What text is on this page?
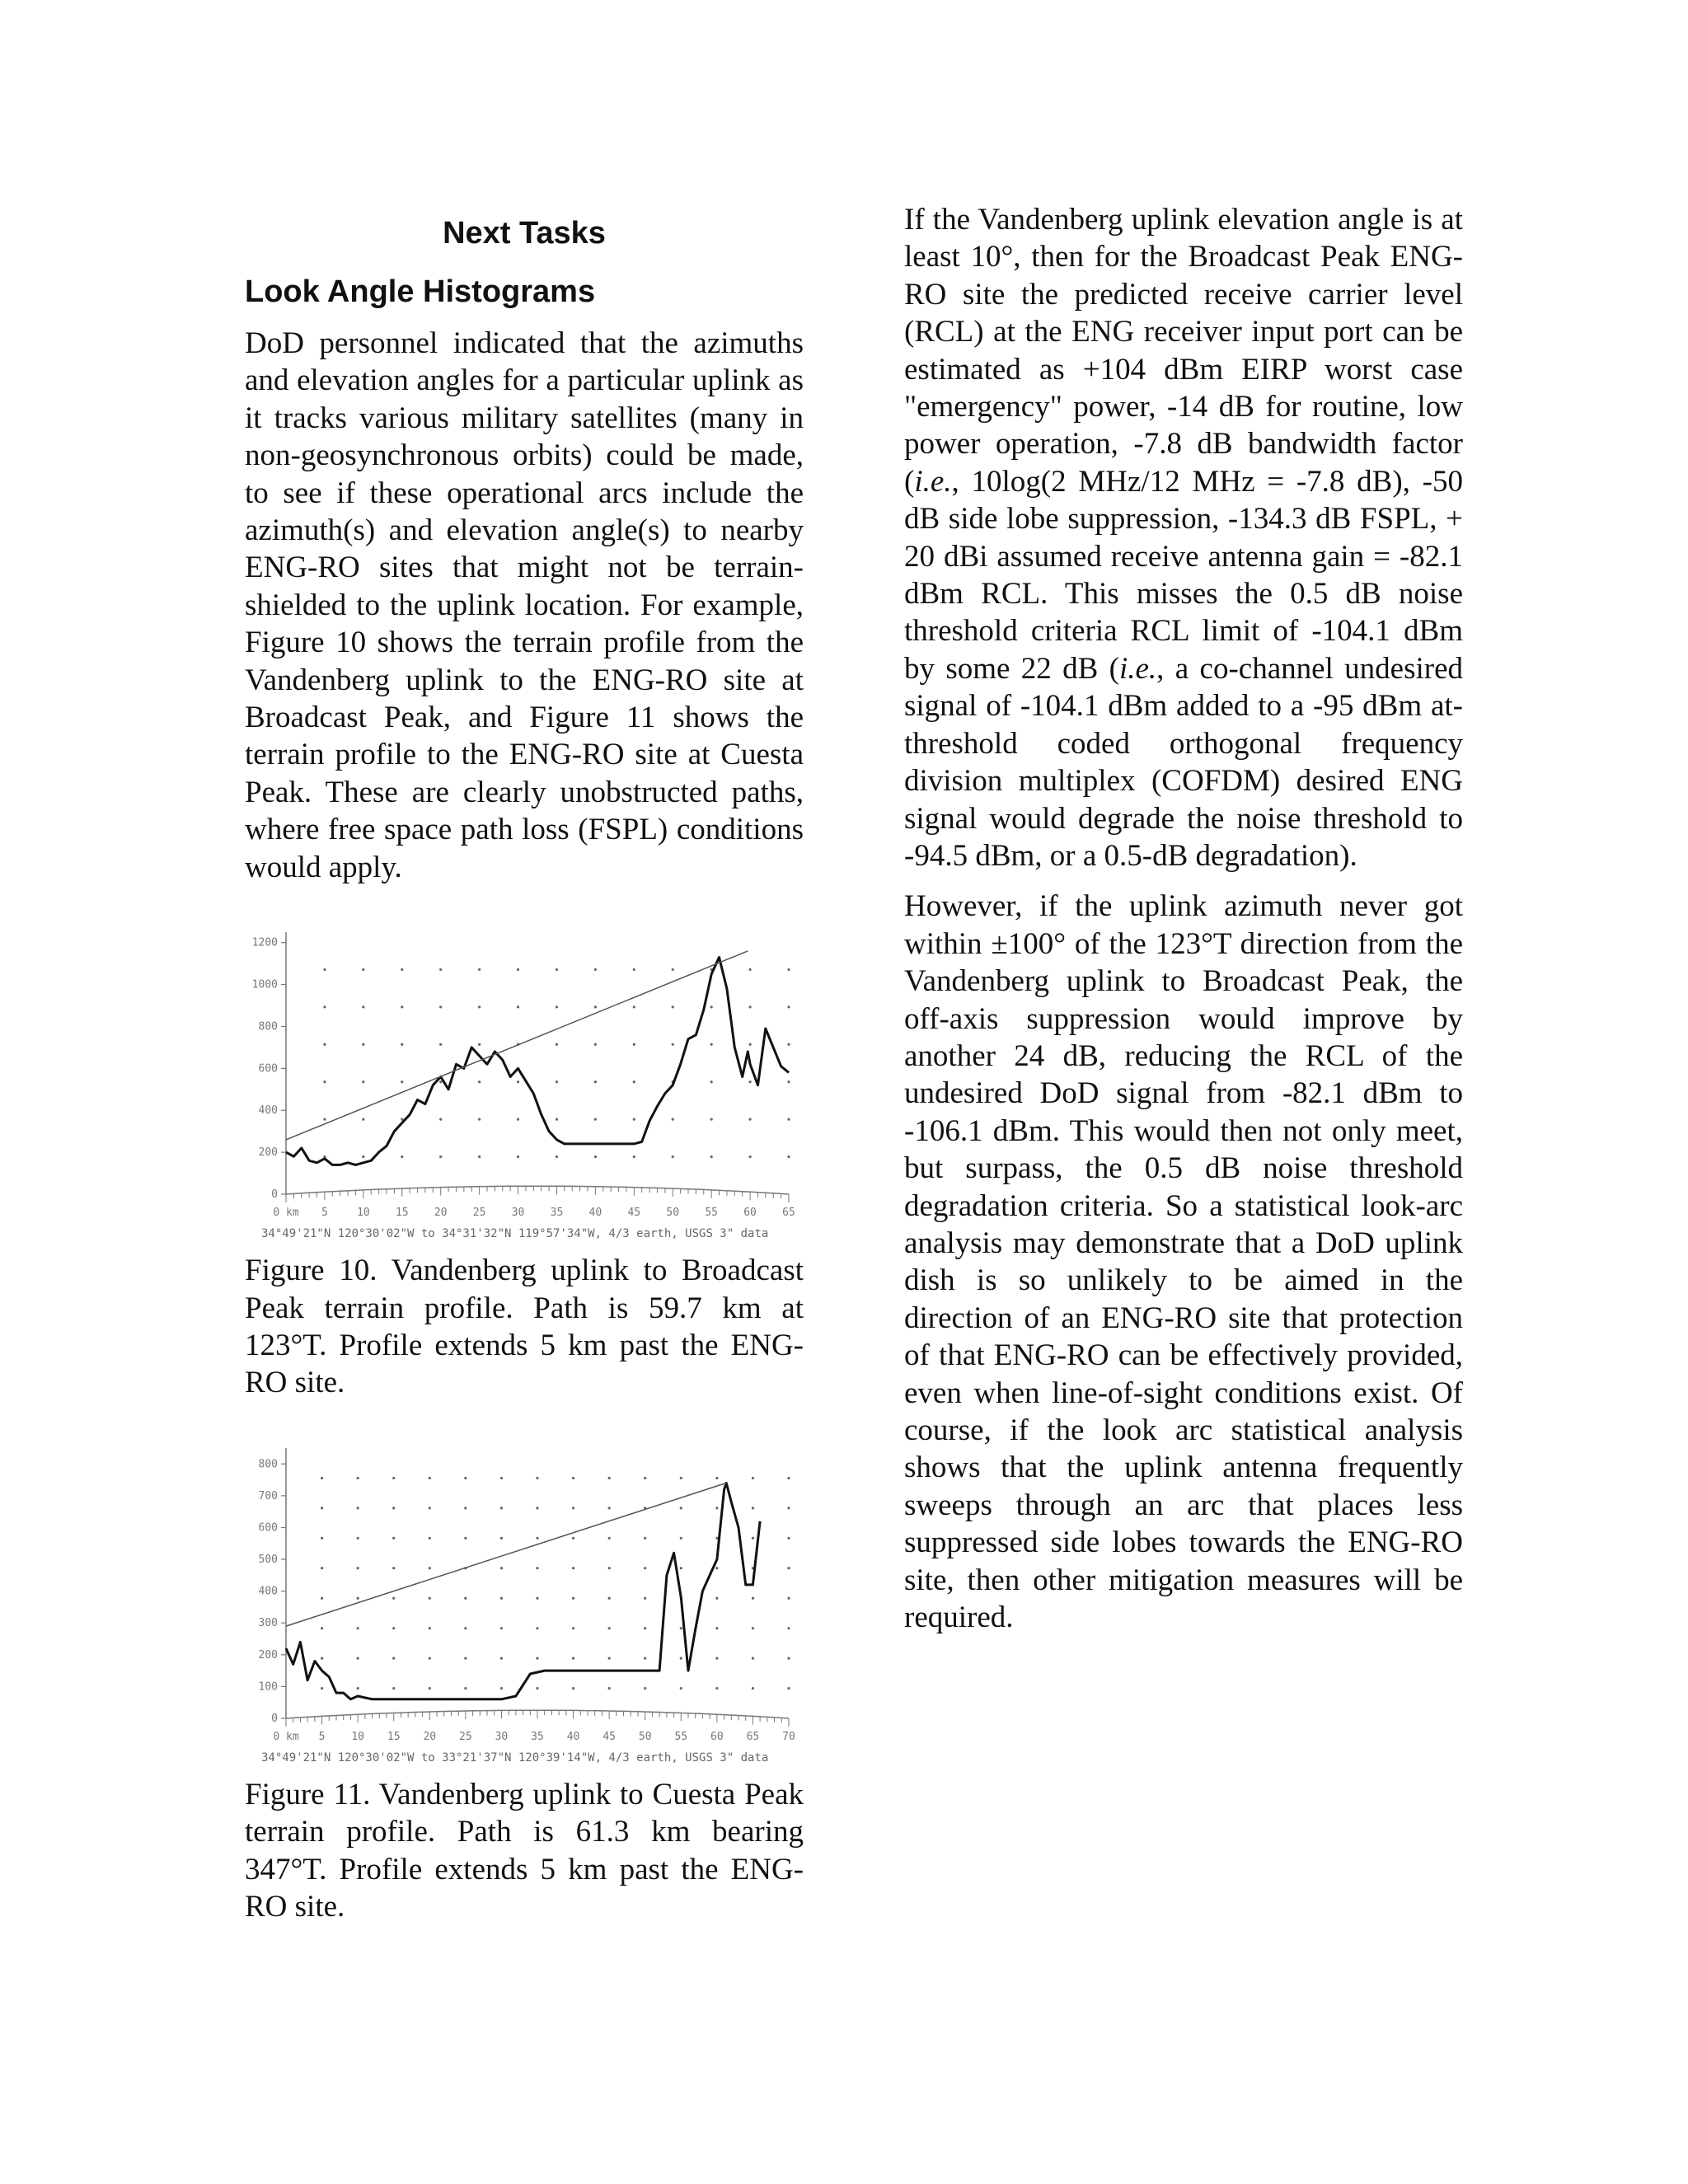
Next Tasks
Look Angle Histograms

DoD personnel indicated that the azimuths and elevation angles for a particular uplink as it tracks various military satellites (many in non-geosynchronous orbits) could be made, to see if these operational arcs include the azimuth(s) and elevation angle(s) to nearby ENG-RO sites that might not be terrain-shielded to the uplink location. For example, Figure 10 shows the terrain profile from the Vandenberg uplink to the ENG-RO site at Broadcast Peak, and Figure 11 shows the terrain profile to the ENG-RO site at Cuesta Peak. These are clearly unobstructed paths, where free space path loss (FSPL) conditions would apply.

0
200
400
600
800
1000
1200
0 km 5	10 15 20 25 30 35 40 45 50 55 60 65
34°49'21"N 120°30'02"W to 34°31'32"N 119°57'34"W, 4/3 earth, USGS 3" data
Figure 10. Vandenberg uplink to Broadcast Peak terrain profile. Path is 59.7 km at 123°T. Profile extends 5 km past the ENG-RO site.
0
100
200
300
400
500
600
700
800
0 km 5 10 15 20 25 30 35 40 45 50 55 60 65 70
34°49'21"N 120°30'02"W to 33°21'37"N 120°39'14"W, 4/3 earth, USGS 3" data
Figure 11. Vandenberg uplink to Cuesta Peak terrain profile. Path is 61.3 km bearing 347°T. Profile extends 5 km past the ENG-RO site.

If the Vandenberg uplink elevation angle is at least 10°, then for the Broadcast Peak ENG-RO site the predicted receive carrier level (RCL) at the ENG receiver input port can be estimated as +104 dBm EIRP worst case "emergency" power, -14 dB for routine, low power operation, -7.8 dB bandwidth factor (i.e., 10log(2 MHz/12 MHz = -7.8 dB), -50 dB side lobe suppression, -134.3 dB FSPL, + 20 dBi assumed receive antenna gain = -82.1 dBm RCL. This misses the 0.5 dB noise threshold criteria RCL limit of -104.1 dBm by some 22 dB (i.e., a co-channel undesired signal of -104.1 dBm added to a -95 dBm at-threshold coded orthogonal frequency division multiplex (COFDM) desired ENG signal would degrade the noise threshold to -94.5 dBm, or a 0.5-dB degradation).

However, if the uplink azimuth never got within ±100° of the 123°T direction from the Vandenberg uplink to Broadcast Peak, the off-axis suppression would improve by another 24 dB, reducing the RCL of the undesired DoD signal from -82.1 dBm to -106.1 dBm. This would then not only meet, but surpass, the 0.5 dB noise threshold degradation criteria. So a statistical look-arc analysis may demonstrate that a DoD uplink dish is so unlikely to be aimed in the direction of an ENG-RO site that protection of that ENG-RO can be effectively provided, even when line-of-sight conditions exist. Of course, if the look arc statistical analysis shows that the uplink antenna frequently sweeps through an arc that places less suppressed side lobes towards the ENG-RO site, then other mitigation measures will be required.
